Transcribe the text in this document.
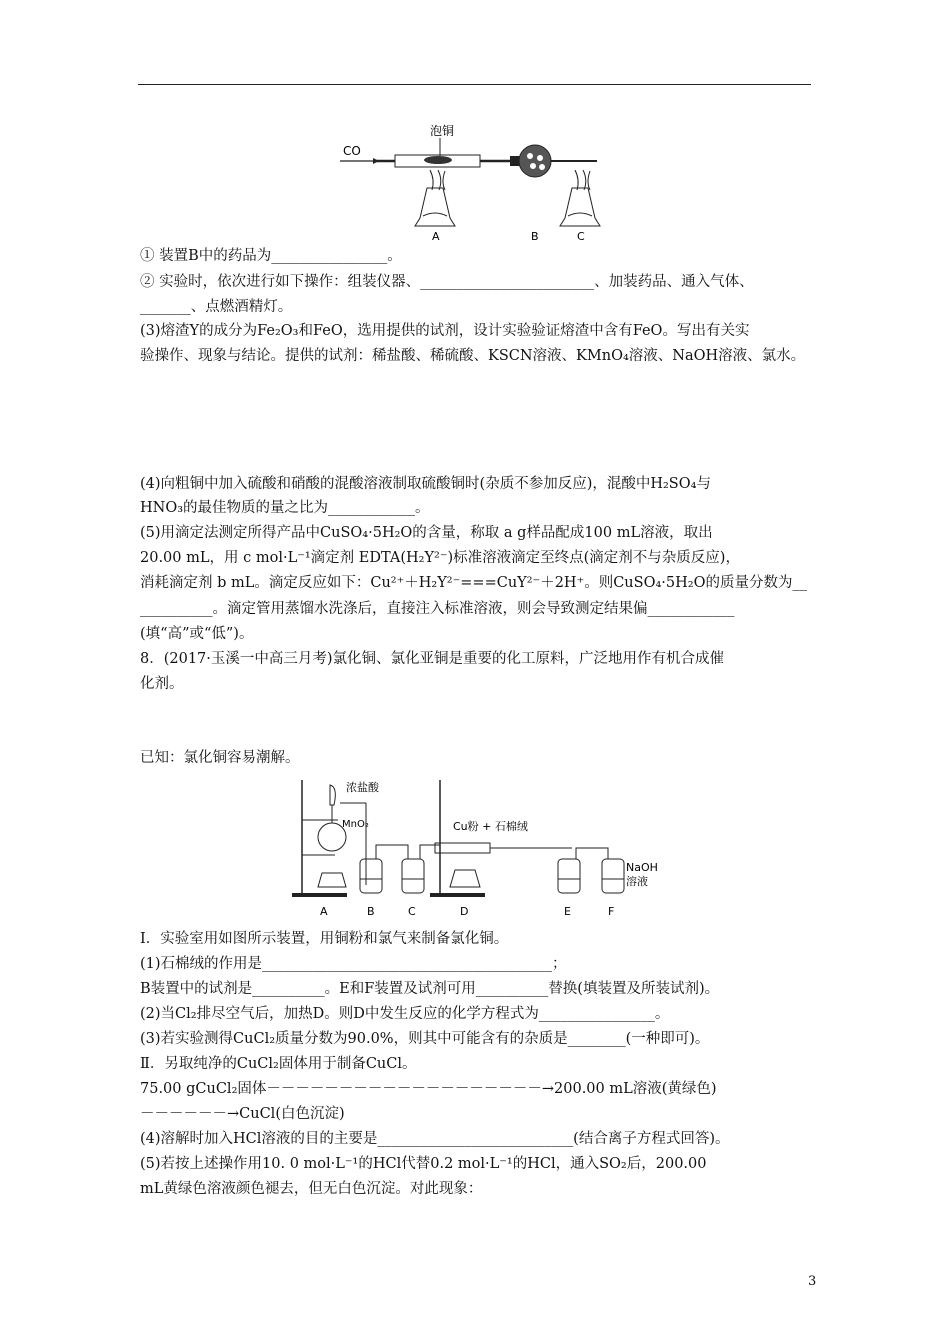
泡铜
CO
A	B	C
浓盐酸
MnO₂	Cu粉 + 石棉绒
NaOH
溶液
A	B	C	D	E	F
① 装置B中的药品为________________。
② 实验时，依次进行如下操作：组装仪器、________________________、加装药品、通入气体、
_______、点燃酒精灯。
(3)熔渣Y的成分为Fe₂O₃和FeO，选用提供的试剂，设计实验验证熔渣中含有FeO。写出有关实
验操作、现象与结论。提供的试剂：稀盐酸、稀硫酸、KSCN溶液、KMnO₄溶液、NaOH溶液、氯水。
(4)向粗铜中加入硫酸和硝酸的混酸溶液制取硫酸铜时(杂质不参加反应)，混酸中H₂SO₄与
HNO₃的最佳物质的量之比为____________。
(5)用滴定法测定所得产品中CuSO₄·5H₂O的含量，称取 a g样品配成100 mL溶液，取出
20.00 mL，用 c mol·L⁻¹滴定剂 EDTA(H₂Y²⁻)标准溶液滴定至终点(滴定剂不与杂质反应)，
消耗滴定剂 b mL。滴定反应如下：Cu²⁺＋H₂Y²⁻===CuY²⁻＋2H⁺。则CuSO₄·5H₂O的质量分数为__
__________。滴定管用蒸馏水洗涤后，直接注入标准溶液，则会导致测定结果偏____________
(填“高”或“低”)。
8．(2017·玉溪一中高三月考)氯化铜、氯化亚铜是重要的化工原料，广泛地用作有机合成催
化剂。
已知：氯化铜容易潮解。
Ⅰ．实验室用如图所示装置，用铜粉和氯气来制备氯化铜。
(1)石棉绒的作用是________________________________________；
B装置中的试剂是__________。E和F装置及试剂可用__________替换(填装置及所装试剂)。
(2)当Cl₂排尽空气后，加热D。则D中发生反应的化学方程式为________________。
(3)若实验测得CuCl₂质量分数为90.0%，则其中可能含有的杂质是________(一种即可)。
Ⅱ．另取纯净的CuCl₂固体用于制备CuCl。
75.00 gCuCl₂固体－－－－－－－－－－－－－－－－－－－→200.00 mL溶液(黄绿色)
－－－－－－→CuCl(白色沉淀)
(4)溶解时加入HCl溶液的目的主要是___________________________(结合离子方程式回答)。
(5)若按上述操作用10. 0 mol·L⁻¹的HCl代替0.2 mol·L⁻¹的HCl，通入SO₂后，200.00
mL黄绿色溶液颜色褪去，但无白色沉淀。对此现象：
3
